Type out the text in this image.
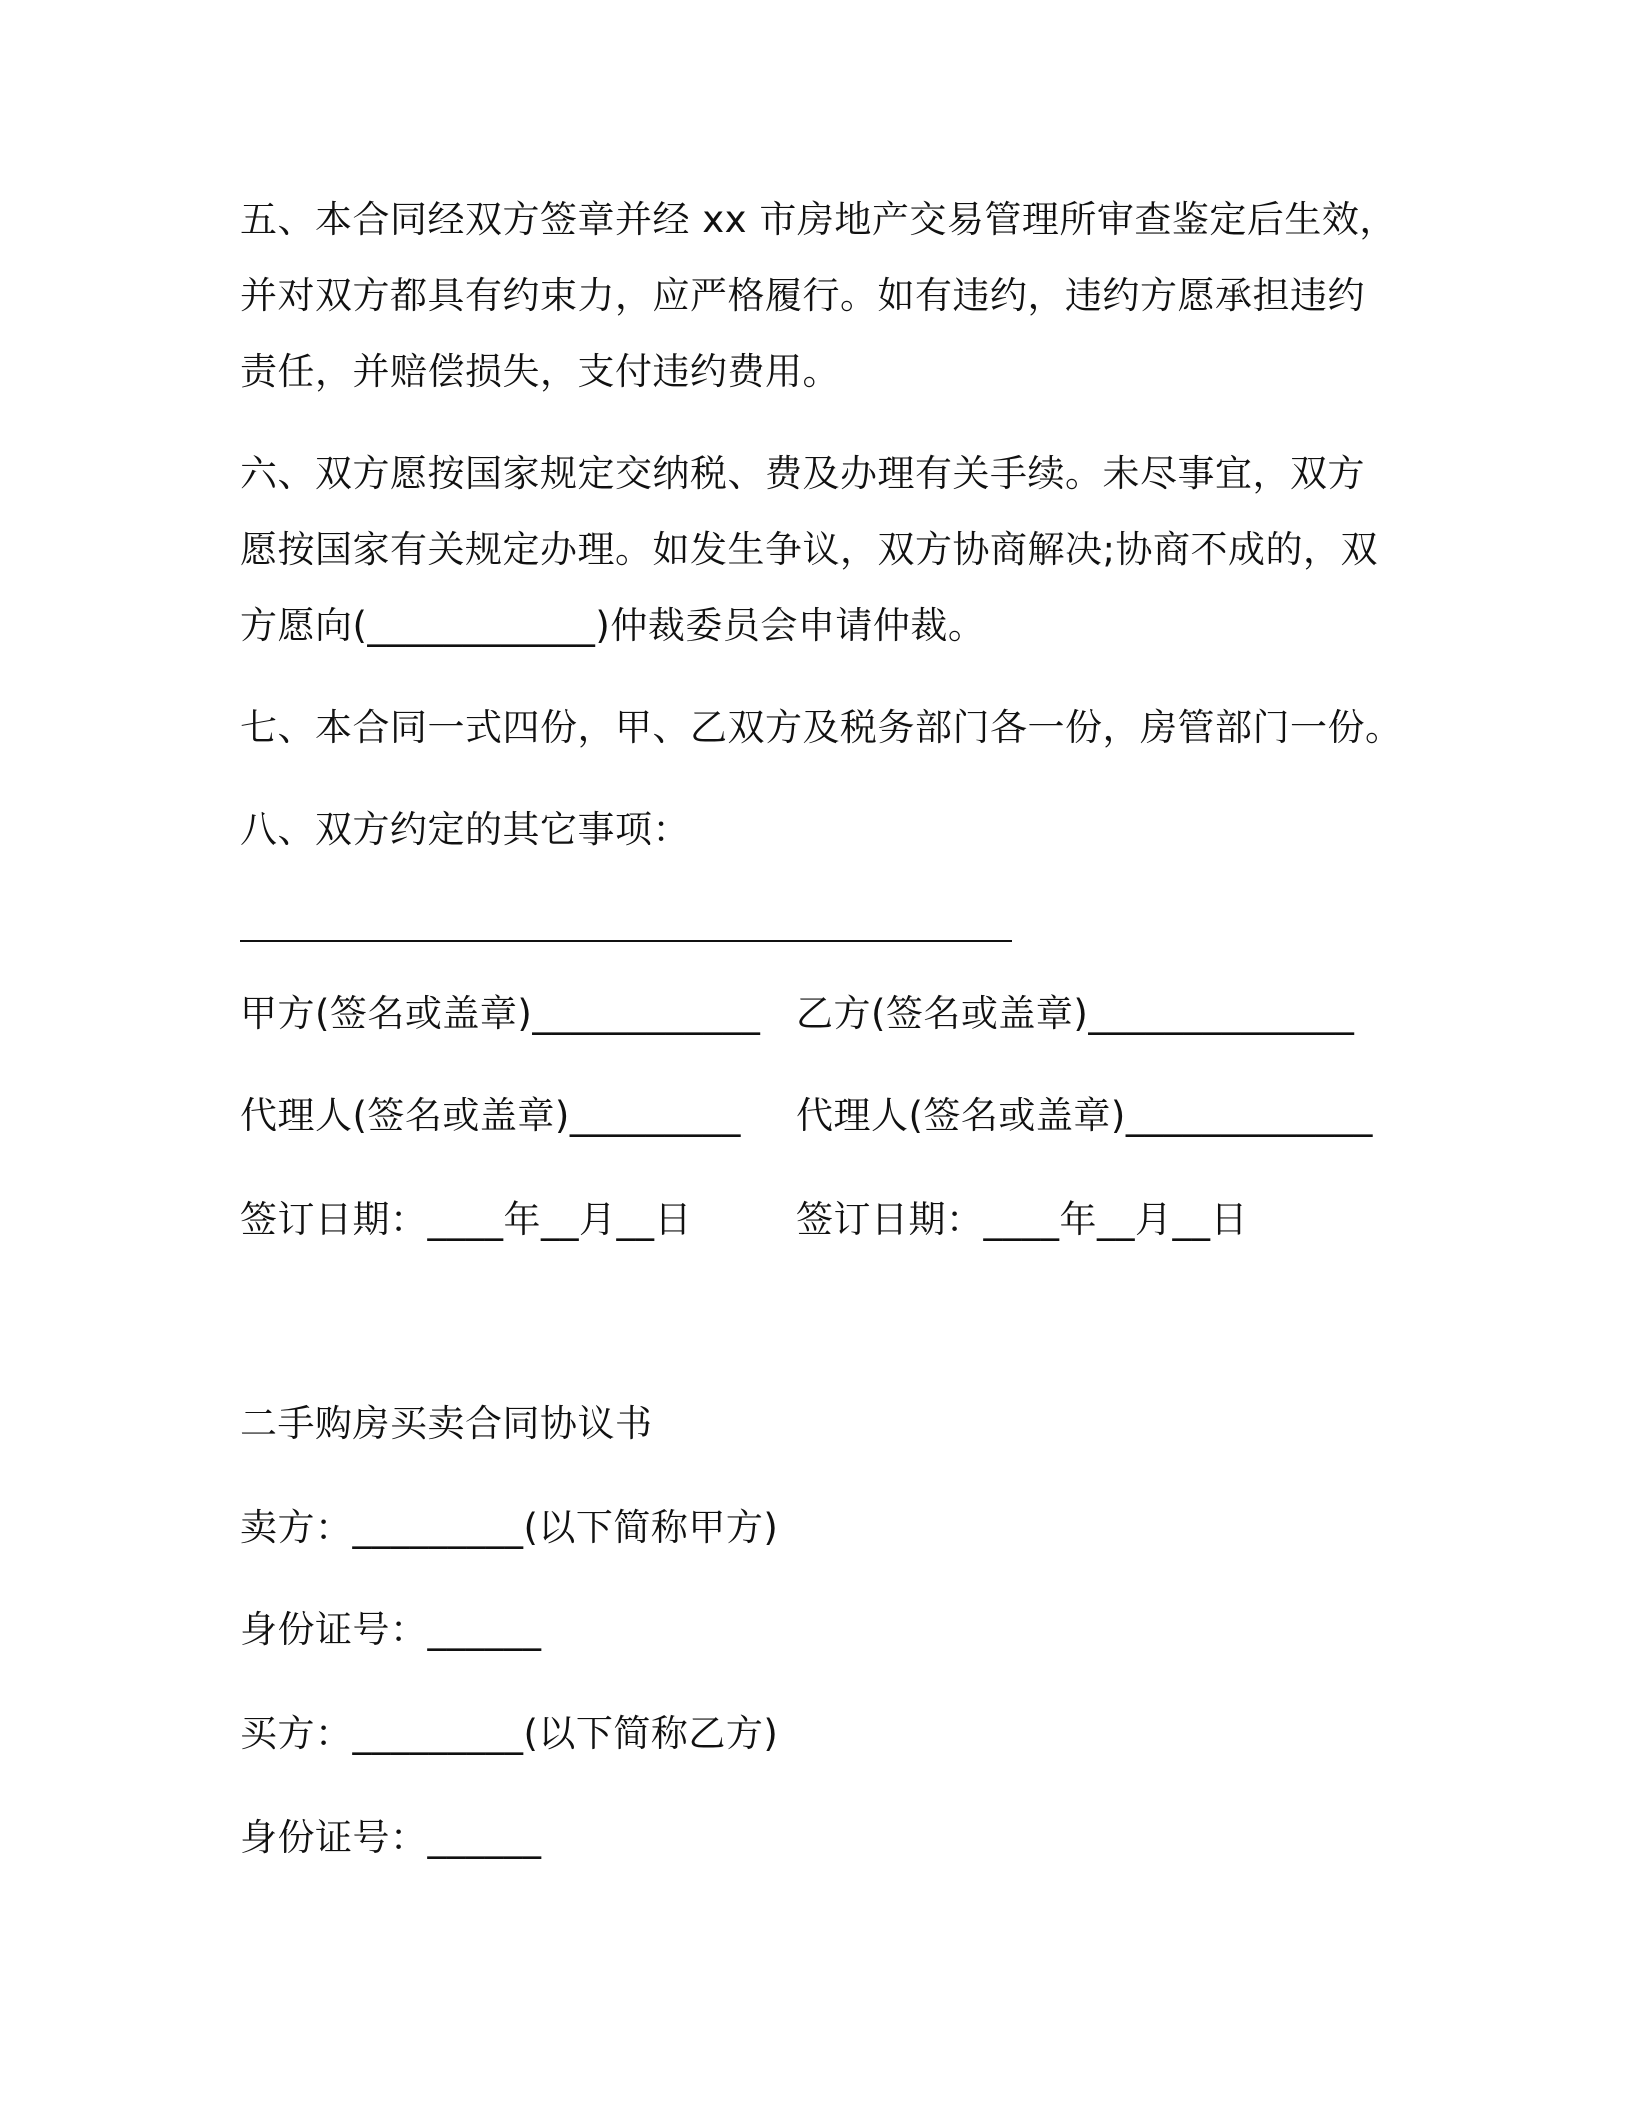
五、本合同经双方签章并经 xx 市房地产交易管理所审查鉴定后生效，
并对双方都具有约束力，应严格履行。如有违约，违约方愿承担违约
责任，并赔偿损失，支付违约费用。
六、双方愿按国家规定交纳税、费及办理有关手续。未尽事宜，双方
愿按国家有关规定办理。如发生争议，双方协商解决;协商不成的，双
方愿向(____________)仲裁委员会申请仲裁。
七、本合同一式四份，甲、乙双方及税务部门各一份，房管部门一份。
八、双方约定的其它事项：
甲方(签名或盖章)____________ 乙方(签名或盖章)______________
代理人(签名或盖章)_________ 代理人(签名或盖章)_____________
签订日期：____年__月__日	签订日期：____年__月__日
二手购房买卖合同协议书
卖方：_________(以下简称甲方)
身份证号：______
买方：_________(以下简称乙方)
身份证号：______
